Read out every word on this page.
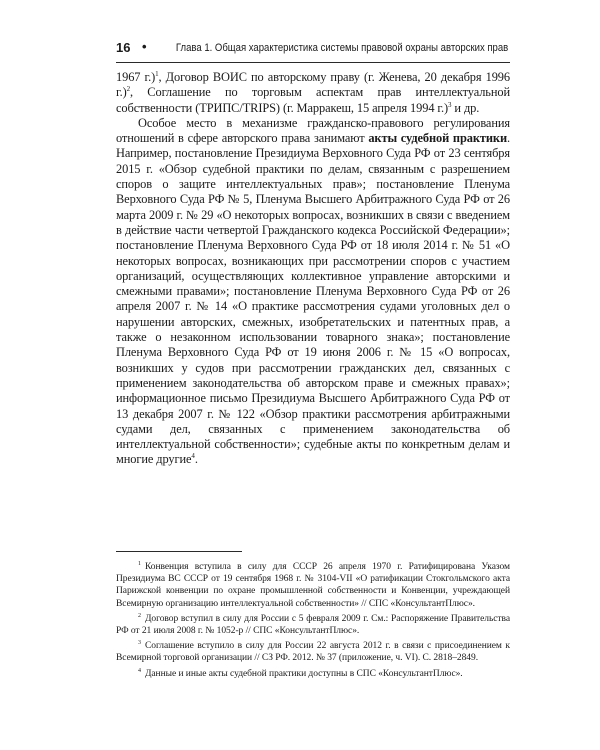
16 •	Глава 1. Общая характеристика системы правовой охраны авторских прав

1967 г.)$^1$, Договор ВОИС по авторскому праву (г. Женева, 20 декабря 1996 г.)$^2$, Соглашение по торговым аспектам прав интеллектуальной собственности (ТРИПС/TRIPS) (г. Марракеш, 15 апреля 1994 г.)$^3$ и др.

Особое место в механизме гражданско-правового регулирования отношений в сфере авторского права занимают акты судебной практики. Например, постановление Президиума Верховного Суда РФ от 23 сентября 2015 г. «Обзор судебной практики по делам, связанным с разрешением споров о защите интеллектуальных прав»; постановление Пленума Верховного Суда РФ № 5, Пленума Высшего Арбитражного Суда РФ от 26 марта 2009 г. № 29 «О некоторых вопросах, возникших в связи с введением в действие части четвертой Гражданского кодекса Российской Федерации»; постановление Пленума Верховного Суда РФ от 18 июля 2014 г. № 51 «О некоторых вопросах, возникающих при рассмотрении споров с участием организаций, осуществляющих коллективное управление авторскими и смежными правами»; постановление Пленума Верховного Суда РФ от 26 апреля 2007 г. № 14 «О практике рассмотрения судами уголовных дел о нарушении авторских, смежных, изобретательских и патентных прав, а также о незаконном использовании товарного знака»; постановление Пленума Верховного Суда РФ от 19 июня 2006 г. № 15 «О вопросах, возникших у судов при рассмотрении гражданских дел, связанных с применением законодательства об авторском праве и смежных правах»; информационное письмо Президиума Высшего Арбитражного Суда РФ от 13 декабря 2007 г. № 122 «Обзор практики рассмотрения арбитражными судами дел, связанных с применением законодательства об интеллектуальной собственности»; судебные акты по конкретным делам и многие другие$^4$.

$^1$ Конвенция вступила в силу для СССР 26 апреля 1970 г. Ратифицирована Указом Президиума ВС СССР от 19 сентября 1968 г. № 3104-VII «О ратификации Стокгольмского акта Парижской конвенции по охране промышленной собственности и Конвенции, учреждающей Всемирную организацию интеллектуальной собственности» // СПС «КонсультантПлюс».

$^2$ Договор вступил в силу для России с 5 февраля 2009 г. См.: Распоряжение Правительства РФ от 21 июля 2008 г. № 1052-р // СПС «КонсультантПлюс».

$^3$ Соглашение вступило в силу для России 22 августа 2012 г. в связи с присоединением к Всемирной торговой организации // СЗ РФ. 2012. № 37 (приложение, ч. VI). С. 2818–2849.

$^4$ Данные и иные акты судебной практики доступны в СПС «КонсультантПлюс».
